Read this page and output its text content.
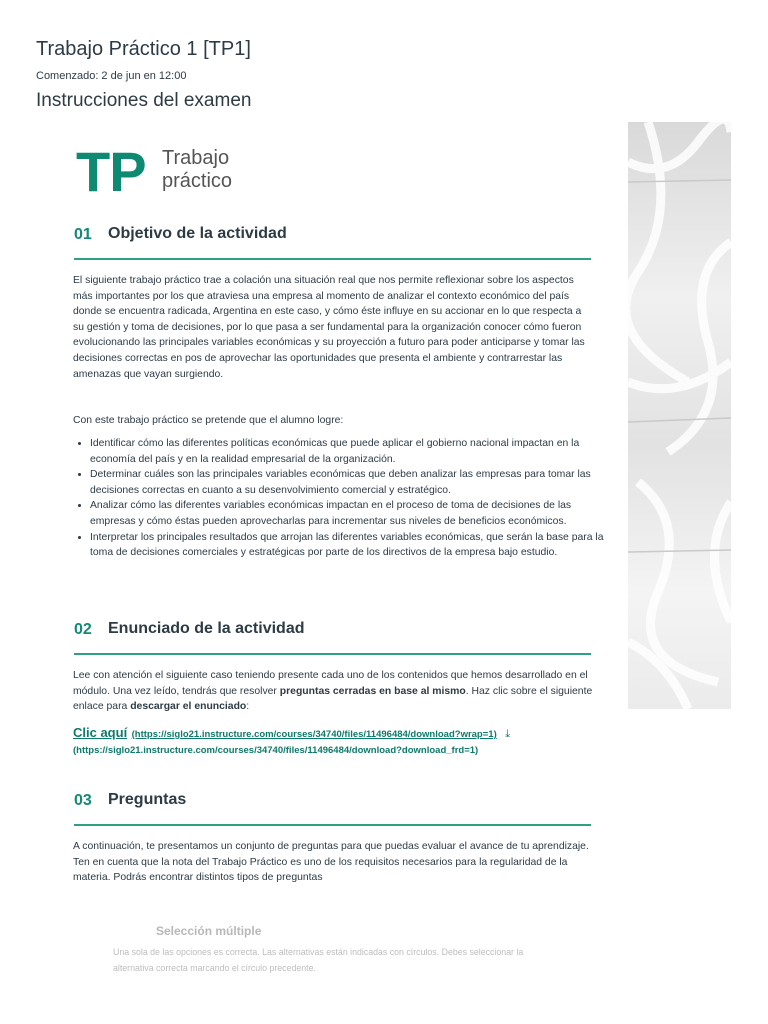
Trabajo Práctico 1 [TP1]
Comenzado: 2 de jun en 12:00
Instrucciones del examen
TP Trabajo
práctico
01 Objetivo de la actividad

El siguiente trabajo práctico trae a colación una situación real que nos permite reflexionar sobre los aspectos más importantes por los que atraviesa una empresa al momento de analizar el contexto económico del país donde se encuentra radicada, Argentina en este caso, y cómo éste influye en su accionar en lo que respecta a su gestión y toma de decisiones, por lo que pasa a ser fundamental para la organización conocer cómo fueron evolucionando las principales variables económicas y su proyección a futuro para poder anticiparse y tomar las decisiones correctas en pos de aprovechar las oportunidades que presenta el ambiente y contrarrestar las amenazas que vayan surgiendo.

Con este trabajo práctico se pretende que el alumno logre:

• Identificar cómo las diferentes políticas económicas que puede aplicar el gobierno nacional impactan en la economía del país y en la realidad empresarial de la organización.
• Determinar cuáles son las principales variables económicas que deben analizar las empresas para tomar las decisiones correctas en cuanto a su desenvolvimiento comercial y estratégico.
• Analizar cómo las diferentes variables económicas impactan en el proceso de toma de decisiones de las empresas y cómo éstas pueden aprovecharlas para incrementar sus niveles de beneficios económicos.
• Interpretar los principales resultados que arrojan las diferentes variables económicas, que serán la base para la toma de decisiones comerciales y estratégicas por parte de los directivos de la empresa bajo estudio.
02 Enunciado de la actividad

Lee con atención el siguiente caso teniendo presente cada uno de los contenidos que hemos desarrollado en el módulo. Una vez leído, tendrás que resolver preguntas cerradas en base al mismo. Haz clic sobre el siguiente enlace para descargar el enunciado:

Clic aquí (https://siglo21.instructure.com/courses/34740/files/11496484/download?wrap=1) ⤓
(https://siglo21.instructure.com/courses/34740/files/11496484/download?download_frd=1)
03 Preguntas

A continuación, te presentamos un conjunto de preguntas para que puedas evaluar el avance de tu aprendizaje. Ten en cuenta que la nota del Trabajo Práctico es uno de los requisitos necesarios para la regularidad de la materia. Podrás encontrar distintos tipos de preguntas

Selección múltiple

Una sola de las opciones es correcta. Las alternativas están indicadas con círculos. Debes seleccionar la alternativa correcta marcando el círculo precedente.
